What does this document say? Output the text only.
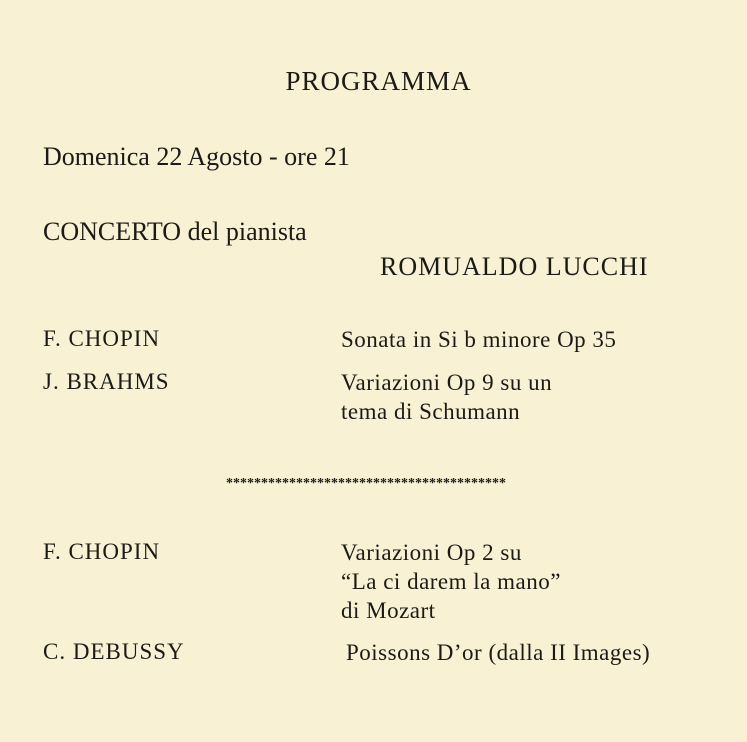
PROGRAMMA
Domenica 22 Agosto - ore 21
CONCERTO del pianista
ROMUALDO LUCCHI
F. CHOPIN	Sonata in Si b minore Op 35
J. BRAHMS	Variazioni Op 9 su un
tema di Schumann
****************************************
F. CHOPIN	Variazioni Op 2 su
“La ci darem la mano”
di Mozart
C. DEBUSSY	Poissons D’or (dalla II Images)
